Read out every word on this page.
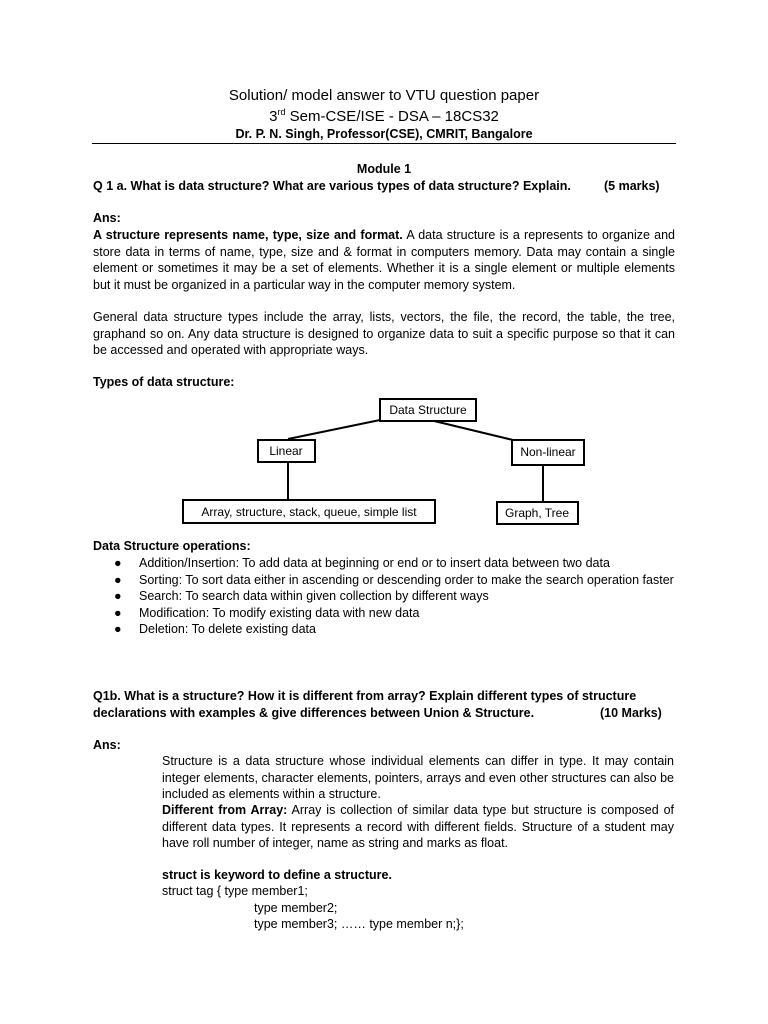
Solution/ model answer to VTU question paper
3rd Sem-CSE/ISE - DSA – 18CS32
Dr. P. N. Singh, Professor(CSE), CMRIT, Bangalore
Module 1
Q 1 a. What is data structure? What are various types of data structure? Explain.	(5 marks)
Ans:
A structure represents name, type, size and format. A data structure is a represents to organize and store data in terms of name, type, size and & format in computers memory. Data may contain a single element or sometimes it may be a set of elements. Whether it is a single element or multiple elements but it must be organized in a particular way in the computer memory system.
General data structure types include the array, lists, vectors, the file, the record, the table, the tree, graphand so on. Any data structure is designed to organize data to suit a specific purpose so that it can be accessed and operated with appropriate ways.
Types of data structure:
Data Structure
Linear	Non-linear
Array, structure, stack, queue, simple list	Graph, Tree
Data Structure operations:
● Addition/Insertion: To add data at beginning or end or to insert data between two data
● Sorting: To sort data either in ascending or descending order to make the search operation faster
● Search: To search data within given collection by different ways
● Modification: To modify existing data with new data
● Deletion: To delete existing data
Q1b. What is a structure? How it is different from array? Explain different types of structure declarations with examples & give differences between Union & Structure.	(10 Marks)
Ans:
Structure is a data structure whose individual elements can differ in type. It may contain integer elements, character elements, pointers, arrays and even other structures can also be included as elements within a structure.
Different from Array: Array is collection of similar data type but structure is composed of different data types. It represents a record with different fields. Structure of a student may have roll number of integer, name as string and marks as float.
struct is keyword to define a structure.
struct tag { type member1;
type member2;
type member3; …… type member n;};
